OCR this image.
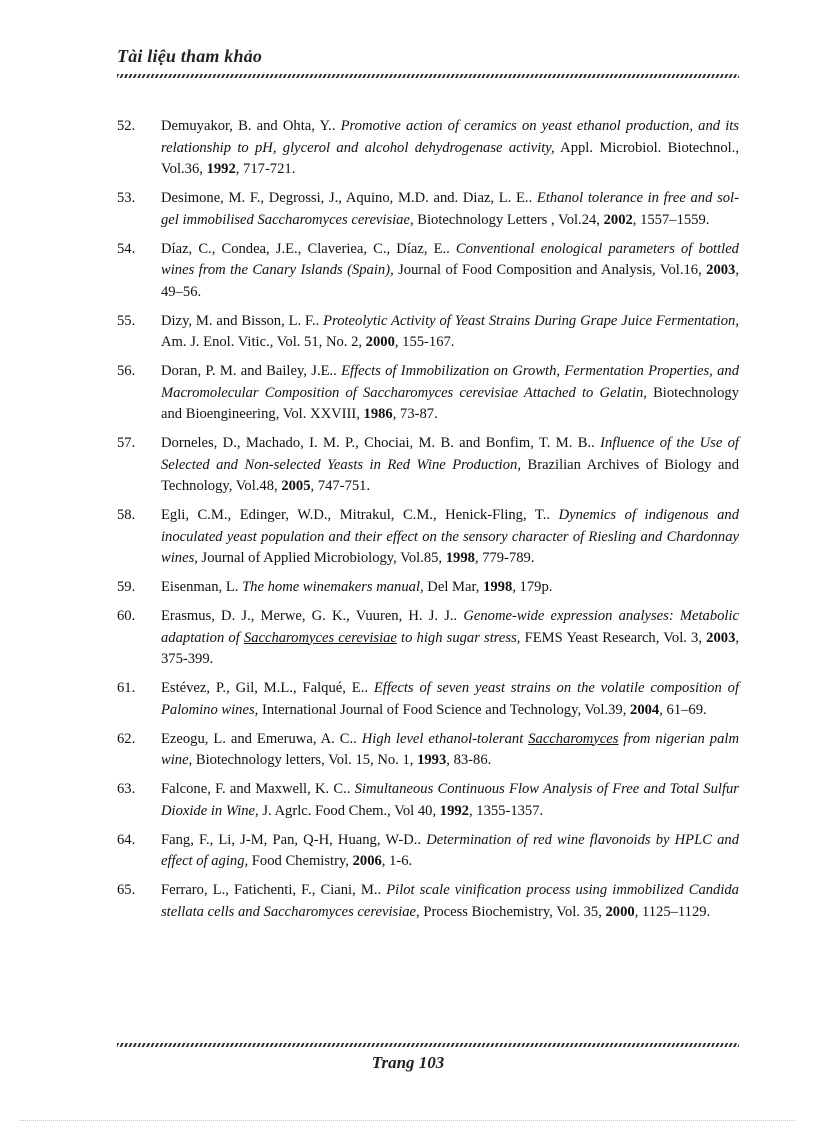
Tài liệu tham khảo
52.	Demuyakor, B. and Ohta, Y.. Promotive action of ceramics on yeast ethanol production, and its relationship to pH, glycerol and alcohol dehydrogenase activity, Appl. Microbiol. Biotechnol., Vol.36, 1992, 717-721.
53.	Desimone, M. F., Degrossi, J., Aquino, M.D. and. Diaz, L. E.. Ethanol tolerance in free and sol-gel immobilised Saccharomyces cerevisiae, Biotechnology Letters , Vol.24, 2002, 1557–1559.
54.	Díaz, C., Condea, J.E., Claveriea, C., Díaz, E.. Conventional enological parameters of bottled wines from the Canary Islands (Spain), Journal of Food Composition and Analysis, Vol.16, 2003, 49–56.
55.	Dizy, M. and Bisson, L. F.. Proteolytic Activity of Yeast Strains During Grape Juice Fermentation, Am. J. Enol. Vitic., Vol. 51, No. 2, 2000, 155-167.
56.	Doran, P. M. and Bailey, J.E.. Effects of Immobilization on Growth, Fermentation Properties, and Macromolecular Composition of Saccharomyces cerevisiae Attached to Gelatin, Biotechnology and Bioengineering, Vol. XXVIII, 1986, 73-87.
57.	Dorneles, D., Machado, I. M. P., Chociai, M. B. and Bonfim, T. M. B.. Influence of the Use of Selected and Non-selected Yeasts in Red Wine Production, Brazilian Archives of Biology and Technology, Vol.48, 2005, 747-751.
58.	Egli, C.M., Edinger, W.D., Mitrakul, C.M., Henick-Fling, T.. Dynemics of indigenous and inoculated yeast population and their effect on the sensory character of Riesling and Chardonnay wines, Journal of Applied Microbiology, Vol.85, 1998, 779-789.
59.	Eisenman, L. The home winemakers manual, Del Mar, 1998, 179p.
60.	Erasmus, D. J., Merwe, G. K., Vuuren, H. J. J.. Genome-wide expression analyses: Metabolic adaptation of Saccharomyces cerevisiae to high sugar stress, FEMS Yeast Research, Vol. 3, 2003, 375-399.
61.	Estévez, P., Gil, M.L., Falqué, E.. Effects of seven yeast strains on the volatile composition of Palomino wines, International Journal of Food Science and Technology, Vol.39, 2004, 61–69.
62.	Ezeogu, L. and Emeruwa, A. C.. High level ethanol-tolerant Saccharomyces from nigerian palm wine, Biotechnology letters, Vol. 15, No. 1, 1993, 83-86.
63.	Falcone, F. and Maxwell, K. C.. Simultaneous Continuous Flow Analysis of Free and Total Sulfur Dioxide in Wine, J. Agrlc. Food Chem., Vol 40, 1992, 1355-1357.
64.	Fang, F., Li, J-M, Pan, Q-H, Huang, W-D.. Determination of red wine flavonoids by HPLC and effect of aging, Food Chemistry, 2006, 1-6.
65.	Ferraro, L., Fatichenti, F., Ciani, M.. Pilot scale vinification process using immobilized Candida stellata cells and Saccharomyces cerevisiae, Process Biochemistry, Vol. 35, 2000, 1125–1129.
Trang 103
